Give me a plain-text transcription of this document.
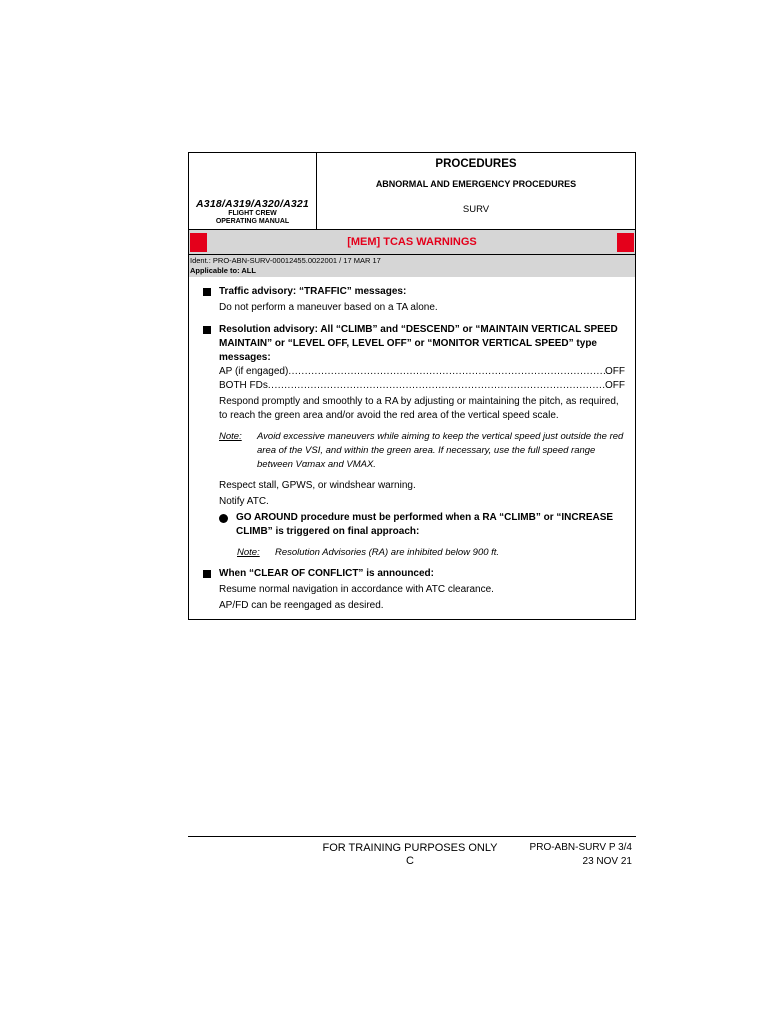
A318/A319/A320/A321
FLIGHT CREW
OPERATING MANUAL
PROCEDURES
ABNORMAL AND EMERGENCY PROCEDURES
SURV
[MEM] TCAS WARNINGS
Ident.: PRO-ABN-SURV-00012455.0022001 / 17 MAR 17
Applicable to: ALL
Traffic advisory: “TRAFFIC” messages:

Do not perform a maneuver based on a TA alone.

Resolution advisory: All “CLIMB” and “DESCEND” or “MAINTAIN VERTICAL SPEED MAINTAIN” or “LEVEL OFF, LEVEL OFF” or “MONITOR VERTICAL SPEED” type messages:
AP (if engaged) .....	OFF
BOTH FDs .....	OFF

Respond promptly and smoothly to a RA by adjusting or maintaining the pitch, as required, to reach the green area and/or avoid the red area of the vertical speed scale.

Note:	Avoid excessive maneuvers while aiming to keep the vertical speed just outside the red area of the VSI, and within the green area. If necessary, use the full speed range between Vαmax and VMAX.

Respect stall, GPWS, or windshear warning.

Notify ATC.

GO AROUND procedure must be performed when a RA “CLIMB” or “INCREASE CLIMB” is triggered on final approach:
Note:	Resolution Advisories (RA) are inhibited below 900 ft.
When “CLEAR OF CONFLICT” is announced:

Resume normal navigation in accordance with ATC clearance.

AP/FD can be reengaged as desired.

FOR TRAINING PURPOSES ONLY
C
PRO-ABN-SURV P 3/4
23 NOV 21
